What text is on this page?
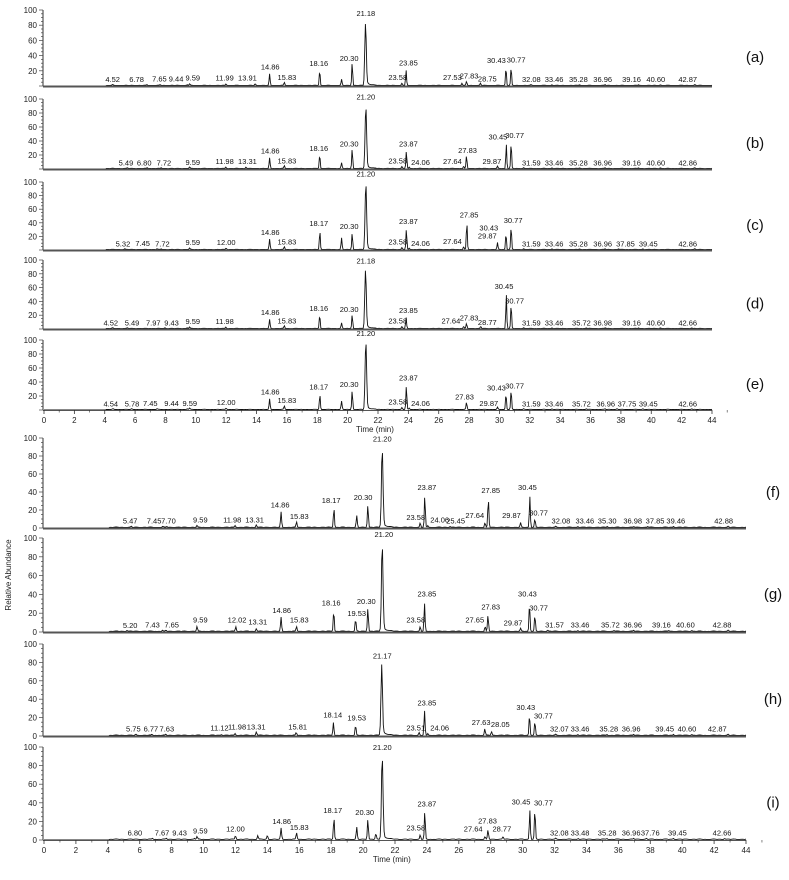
20
40
60
80
100
4.52 6.78 7.65 9.44 9.59 11.99 13.91
14.86
15.83
18.16
20.30
21.18
23.58
23.85
27.53
27.83 28.75
30.43 30.77
32.08 33.46 35.28 36.96 39.16 40.60 42.87
(a)
20
40
60
80
100
5.49 6.80 7.72 9.59 11.98 13.31
14.86
15.83
18.16 20.30
21.20
23.58
23.87
24.06 27.64
27.83
29.87
30.45
30.77
31.59 33.46 35.28 36.96 39.16 40.60 42.86
(b)
20
40
60
80
100
5.32 7.45 7.72 9.59 12.00
14.86
15.83
18.17 20.30
21.20
23.58
23.87
24.06 27.64
27.85
29.87
30.43
30.77
31.59 33.46 35.28 36.96 37.85 39.45	42.86
(c)
20
40
60
80
100
4.52 5.49 7.97 9.43 9.59 11.98
14.86
15.83
18.16 20.30
21.18
23.58
23.85
27.64 27.83 28.77
30.45
30.77
31.59 33.46 35.72 36.98 39.16 40.60 42.66
(d)
20
40
60
80
100
4.54 5.78 7.45 9.44 9.59	12.00
14.86
15.83
18.17 20.30
21.20
23.58
23.87
24.06
27.83
29.87
30.43 30.77
31.59 33.46 35.72 36.96 37.75 39.45	42.66
0	2	4	6	8	10	12	14	16	18	20	22	24	26	28	30	32	34	36	38	40	42	44
Time (min)
(e)
0
20
40
60
80
100
5.47 7.45 7.70 9.59 11.98 13.31
14.86
15.83
18.17 20.30
21.20
23.58
23.87
24.06
25.45
27.64
27.85
29.87
30.45
30.77
32.08 33.46 35.30 36.98 37.85 39.46	42.88
(f)
0
20
40
60
80
100
5.20 7.43 7.65
9.59	12.02 13.31
14.86
15.83
18.16
19.53
20.30
21.20
23.58
23.85
27.65
27.83
29.87
30.43
30.77
31.57 33.46 35.72 36.96 39.16 40.60 42.88
(g)
0
20
40
60
80
100
5.75 6.77 7.63	11.12 11.98 13.31	15.81
18.14 19.53
21.17
23.51
23.85
24.06
27.63 28.05
30.43
30.77
32.07 33.46 35.28 36.96 39.45 40.60 42.87
(h)
0
20
40
60
80
100
6.80 7.67 9.43 9.59 12.00
14.86
15.83
18.17 20.30
21.20
23.58
23.87
27.64
27.83
28.77
30.45 30.77
32.08 33.48 35.28 36.96 37.76 39.45	42.66
0	2	4	6	8	10	12	14	16	18	20	22	24	26	28	30	32	34	36	38	40	42	44
Time (min)
(i)
Relative Abundance
